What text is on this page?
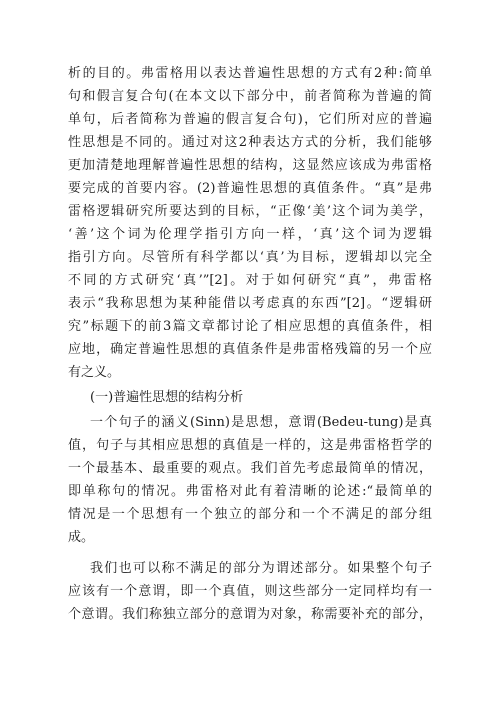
析的目的。弗雷格用以表达普遍性思想的方式有2种:简单
句和假言复合句(在本文以下部分中，前者简称为普遍的简
单句，后者简称为普遍的假言复合句)，它们所对应的普遍
性思想是不同的。通过对这2种表达方式的分析，我们能够
更加清楚地理解普遍性思想的结构，这显然应该成为弗雷格
要完成的首要内容。(2)普遍性思想的真值条件。“真”是弗
雷格逻辑研究所要达到的目标，“正像‘美’这个词为美学，
‘善’这个词为伦理学指引方向一样，‘真’这个词为逻辑
指引方向。尽管所有科学都以‘真’为目标，逻辑却以完全
不同的方式研究‘真’”[2]。对于如何研究“真”，弗雷格
表示“我称思想为某种能借以考虑真的东西”[2]。“逻辑研
究”标题下的前3篇文章都讨论了相应思想的真值条件，相
应地，确定普遍性思想的真值条件是弗雷格残篇的另一个应
有之义。
(一)普遍性思想的结构分析
一个句子的涵义(Sinn)是思想，意谓(Bedeu-tung)是真
值，句子与其相应思想的真值是一样的，这是弗雷格哲学的
一个最基本、最重要的观点。我们首先考虑最简单的情况，
即单称句的情况。弗雷格对此有着清晰的论述:“最简单的
情况是一个思想有一个独立的部分和一个不满足的部分组
成。
我们也可以称不满足的部分为谓述部分。如果整个句子
应该有一个意谓，即一个真值，则这些部分一定同样均有一
个意谓。我们称独立部分的意谓为对象，称需要补充的部分，
